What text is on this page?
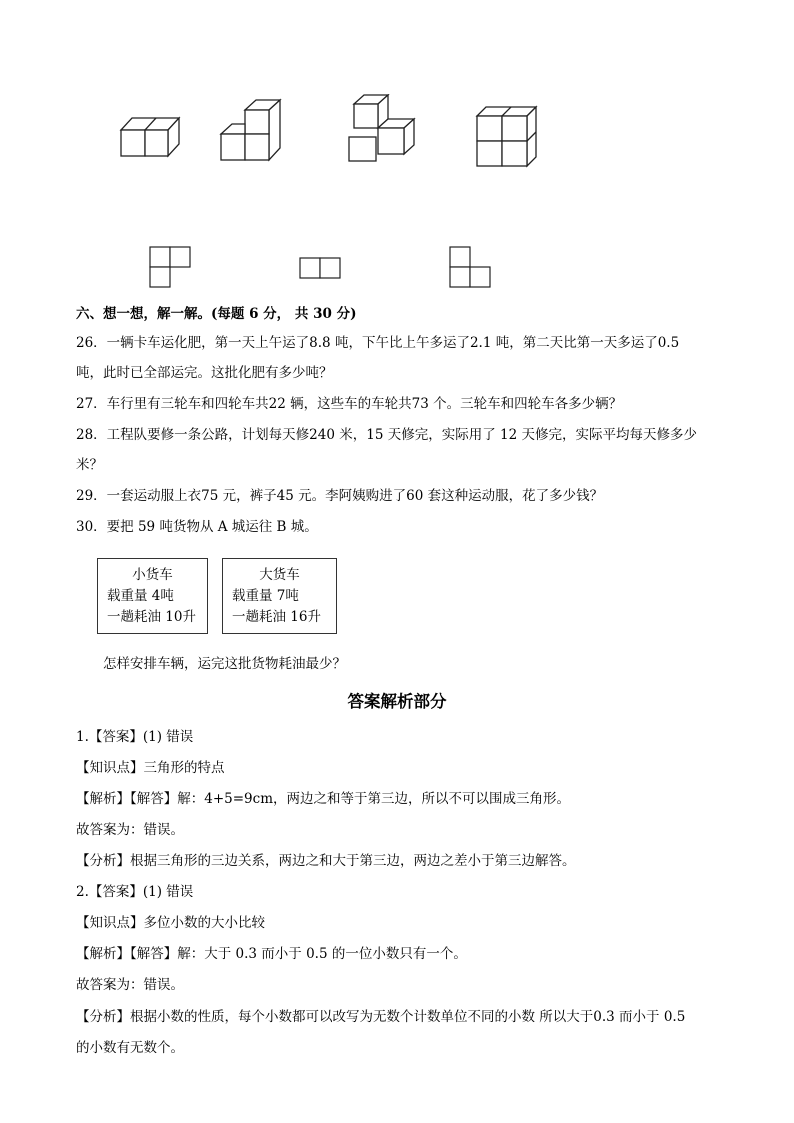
六、想一想，解一解。(每题 6 分， 共 30 分)
26．一辆卡车运化肥，第一天上午运了8.8 吨，下午比上午多运了2.1 吨，第二天比第一天多运了0.5
吨，此时已全部运完。这批化肥有多少吨？
27．车行里有三轮车和四轮车共22 辆，这些车的车轮共73 个。三轮车和四轮车各多少辆？
28．工程队要修一条公路，计划每天修240 米，15 天修完，实际用了 12 天修完，实际平均每天修多少
米？
29．一套运动服上衣75 元，裤子45 元。李阿姨购进了60 套这种运动服，花了多少钱？
30．要把 59 吨货物从 A 城运往 B 城。
小货车
载重量 4吨
一趟耗油 10升
大货车
载重量 7吨
一趟耗油 16升
怎样安排车辆，运完这批货物耗油最少？
答案解析部分
1.【答案】(1) 错误
【知识点】三角形的特点
【解析】【解答】解：4+5=9cm，两边之和等于第三边，所以不可以围成三角形。
故答案为：错误。
【分析】根据三角形的三边关系，两边之和大于第三边，两边之差小于第三边解答。
2.【答案】(1) 错误
【知识点】多位小数的大小比较
【解析】【解答】解：大于 0.3 而小于 0.5 的一位小数只有一个。
故答案为：错误。
【分析】根据小数的性质，每个小数都可以改写为无数个计数单位不同的小数 所以大于0.3 而小于 0.5
的小数有无数个。
